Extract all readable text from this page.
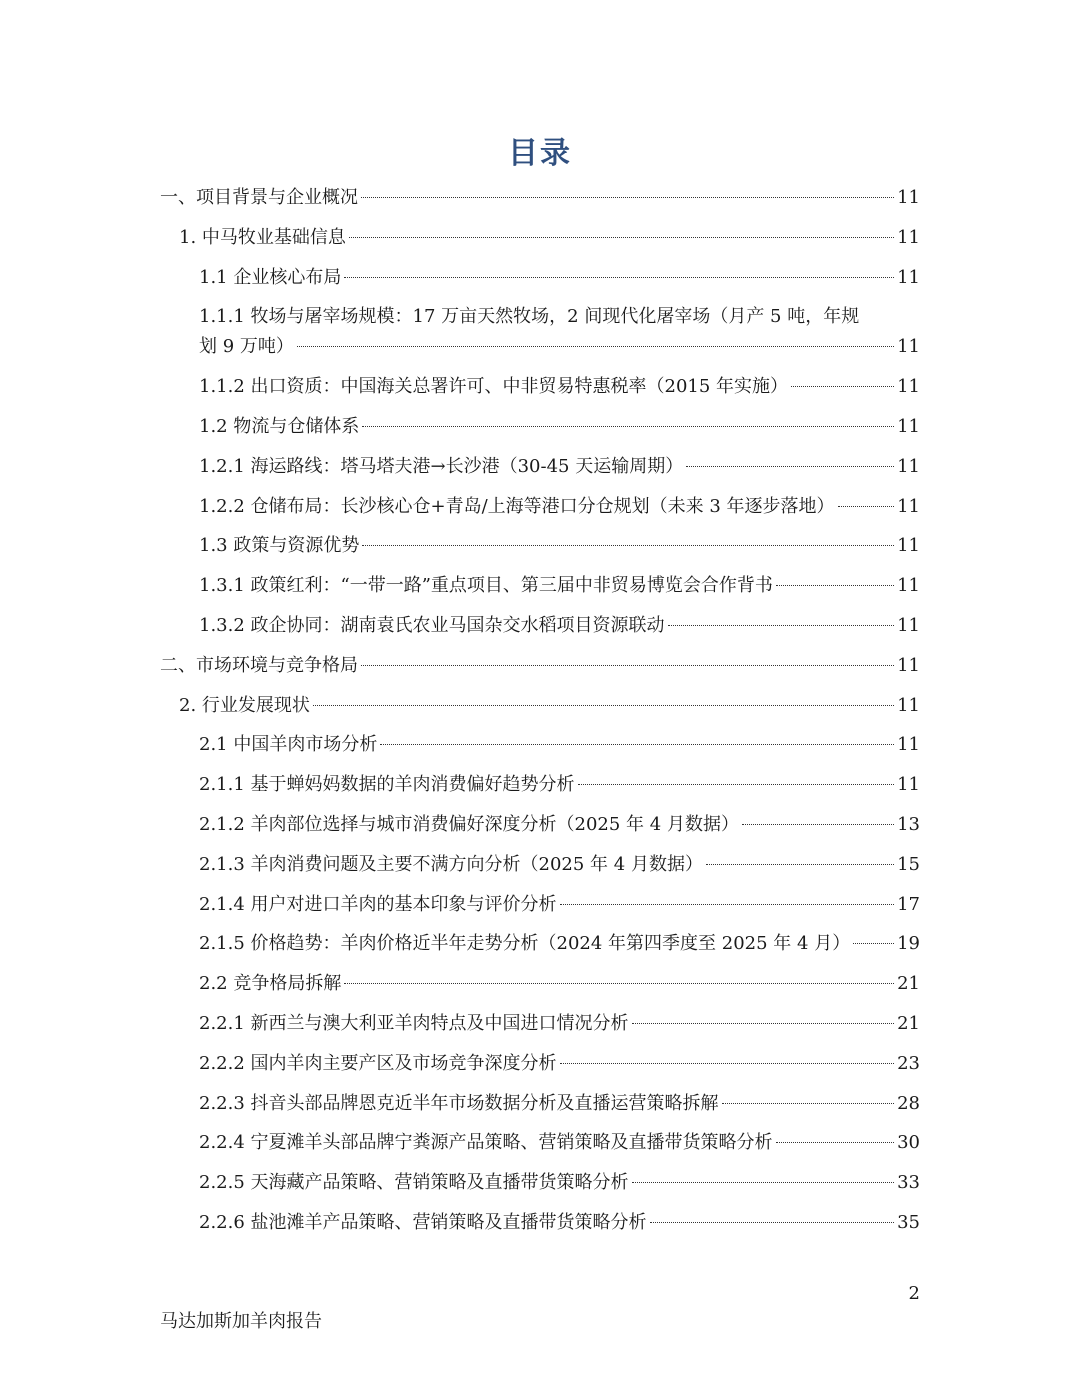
目录
一、项目背景与企业概况	11
1. 中马牧业基础信息	11
1.1 企业核心布局	11
1.1.1 牧场与屠宰场规模：17 万亩天然牧场，2 间现代化屠宰场（月产 5 吨，年规
划 9 万吨）	11
1.1.2 出口资质：中国海关总署许可、中非贸易特惠税率（2015 年实施）	11
1.2 物流与仓储体系	11
1.2.1 海运路线：塔马塔夫港→长沙港（30-45 天运输周期）	11
1.2.2 仓储布局：长沙核心仓+青岛/上海等港口分仓规划（未来 3 年逐步落地）	11
1.3 政策与资源优势	11
1.3.1 政策红利：“一带一路”重点项目、第三届中非贸易博览会合作背书	11
1.3.2 政企协同：湖南袁氏农业马国杂交水稻项目资源联动	11
二、市场环境与竞争格局	11
2. 行业发展现状	11
2.1 中国羊肉市场分析	11
2.1.1 基于蝉妈妈数据的羊肉消费偏好趋势分析	11
2.1.2 羊肉部位选择与城市消费偏好深度分析（2025 年 4 月数据）	13
2.1.3 羊肉消费问题及主要不满方向分析（2025 年 4 月数据）	15
2.1.4 用户对进口羊肉的基本印象与评价分析	17
2.1.5 价格趋势：羊肉价格近半年走势分析（2024 年第四季度至 2025 年 4 月）	19
2.2 竞争格局拆解	21
2.2.1 新西兰与澳大利亚羊肉特点及中国进口情况分析	21
2.2.2 国内羊肉主要产区及市场竞争深度分析	23
2.2.3 抖音头部品牌恩克近半年市场数据分析及直播运营策略拆解	28
2.2.4 宁夏滩羊头部品牌宁粪源产品策略、营销策略及直播带货策略分析	30
2.2.5 天海藏产品策略、营销策略及直播带货策略分析	33
2.2.6 盐池滩羊产品策略、营销策略及直播带货策略分析	35
2
马达加斯加羊肉报告
